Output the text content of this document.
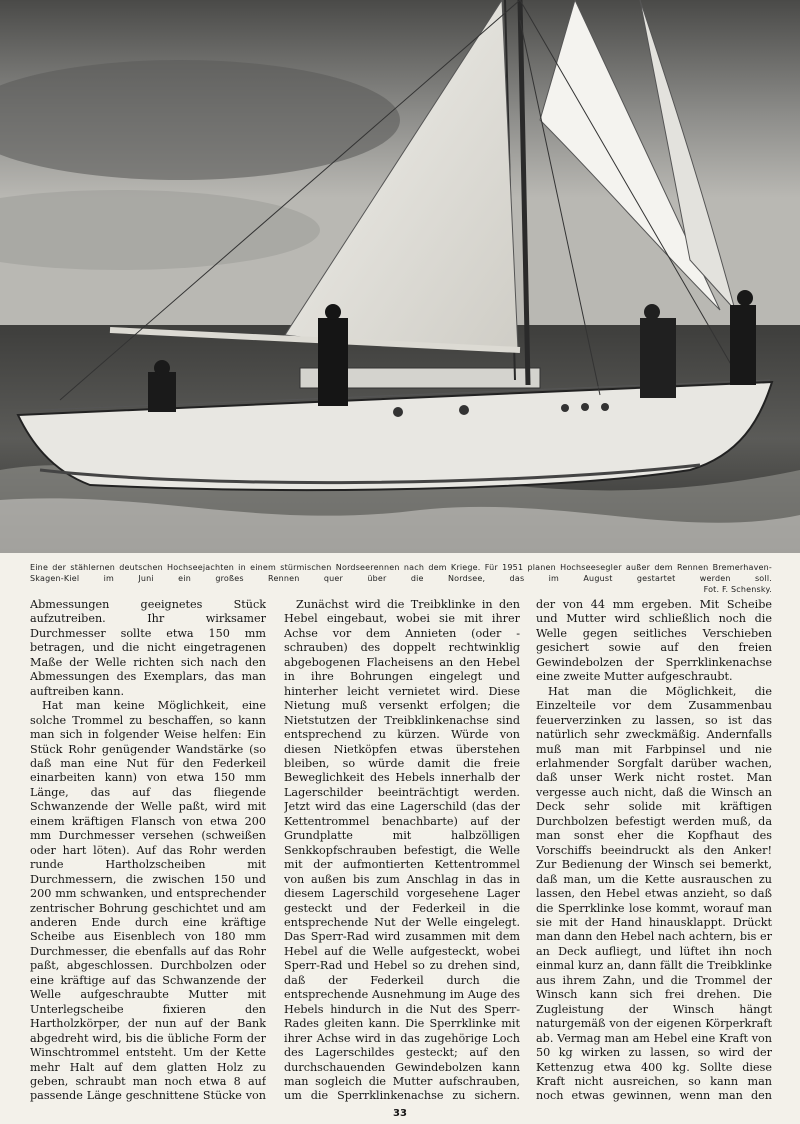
Eine der stählernen deutschen Hochseejachten in einem stürmischen Nordseerennen nach dem Kriege. Für 1951 planen Hochseesegler außer dem Rennen Bremerhaven-Skagen-Kiel im Juni ein großes Rennen quer über die Nordsee, das im August gestartet werden soll.
Fot. F. Schensky.

Abmessungen geeignetes Stück aufzutreiben. Ihr wirksamer Durchmesser sollte etwa 150 mm betragen, und die nicht eingetragenen Maße der Welle richten sich nach den Abmessungen des Exemplars, das man auftreiben kann.

Hat man keine Möglichkeit, eine solche Trommel zu beschaffen, so kann man sich in folgender Weise helfen: Ein Stück Rohr genügender Wandstärke (so daß man eine Nut für den Federkeil einarbeiten kann) von etwa 150 mm Länge, das auf das fliegende Schwanzende der Welle paßt, wird mit einem kräftigen Flansch von etwa 200 mm Durchmesser versehen (schweißen oder hart löten). Auf das Rohr werden runde Hartholzscheiben mit Durchmessern, die zwischen 150 und 200 mm schwanken, und entsprechender zentrischer Bohrung geschichtet und am anderen Ende durch eine kräftige Scheibe aus Eisenblech von 180 mm Durchmesser, die ebenfalls auf das Rohr paßt, abgeschlossen. Durchbolzen oder eine kräftige auf das Schwanzende der Welle aufgeschraubte Mutter mit Unterlegscheibe fixieren den Hartholzkörper, der nun auf der Bank abgedreht wird, bis die übliche Form der Winschtrommel entsteht. Um der Kette mehr Halt auf dem glatten Holz zu geben, schraubt man noch etwa 8 auf passende Länge geschnittene Stücke von

Zunächst wird die Treibklinke in den Hebel eingebaut, wobei sie mit ihrer Achse vor dem Annieten (oder -schrauben) des doppelt rechtwinklig abgebogenen Flacheisens an den Hebel in ihre Bohrungen eingelegt und hinterher leicht vernietet wird. Diese Nietung muß versenkt erfolgen; die Nietstutzen der Treibklinkenachse sind entsprechend zu kürzen. Würde von diesen Nietköpfen etwas überstehen bleiben, so würde damit die freie Beweglichkeit des Hebels innerhalb der Lagerschilder beeinträchtigt werden. Jetzt wird das eine Lagerschild (das der Kettentrommel benachbarte) auf der Grundplatte mit halbzölligen Senkkopfschrauben befestigt, die Welle mit der aufmontierten Kettentrommel von außen bis zum Anschlag in das in diesem Lagerschild vorgesehene Lager gesteckt und der Federkeil in die entsprechende Nut der Welle eingelegt. Das Sperr-Rad wird zusammen mit dem Hebel auf die Welle aufgesteckt, wobei Sperr-Rad und Hebel so zu drehen sind, daß der Federkeil durch die entsprechende Ausnehmung im Auge des Hebels hindurch in die Nut des Sperr-Rades gleiten kann. Die Sperrklinke mit ihrer Achse wird in das zugehörige Loch des Lagerschildes gesteckt; auf den durchschauenden Gewindebolzen kann man sogleich die Mutter aufschrauben, um die Sperrklinkenachse zu sichern.

der von 44 mm ergeben. Mit Scheibe und Mutter wird schließlich noch die Welle gegen seitliches Verschieben gesichert sowie auf den freien Gewindebolzen der Sperrklinkenachse eine zweite Mutter aufgeschraubt.

Hat man die Möglichkeit, die Einzelteile vor dem Zusammenbau feuerverzinken zu lassen, so ist das natürlich sehr zweckmäßig. Andernfalls muß man mit Farbpinsel und nie erlahmender Sorgfalt darüber wachen, daß unser Werk nicht rostet. Man vergesse auch nicht, daß die Winsch an Deck sehr solide mit kräftigen Durchbolzen befestigt werden muß, da man sonst eher die Kopfhaut des Vorschiffs beeindruckt als den Anker! Zur Bedienung der Winsch sei bemerkt, daß man, um die Kette ausrauschen zu lassen, den Hebel etwas anzieht, so daß die Sperrklinke lose kommt, worauf man sie mit der Hand hinausklappt. Drückt man dann den Hebel nach achtern, bis er an Deck aufliegt, und lüftet ihn noch einmal kurz an, dann fällt die Treibklinke aus ihrem Zahn, und die Trommel der Winsch kann sich frei drehen. Die Zugleistung der Winsch hängt naturgemäß von der eigenen Körperkraft ab. Vermag man am Hebel eine Kraft von 50 kg wirken zu lassen, so wird der Kettenzug etwa 400 kg. Sollte diese Kraft nicht ausreichen, so kann man noch etwas gewinnen, wenn man den

33
